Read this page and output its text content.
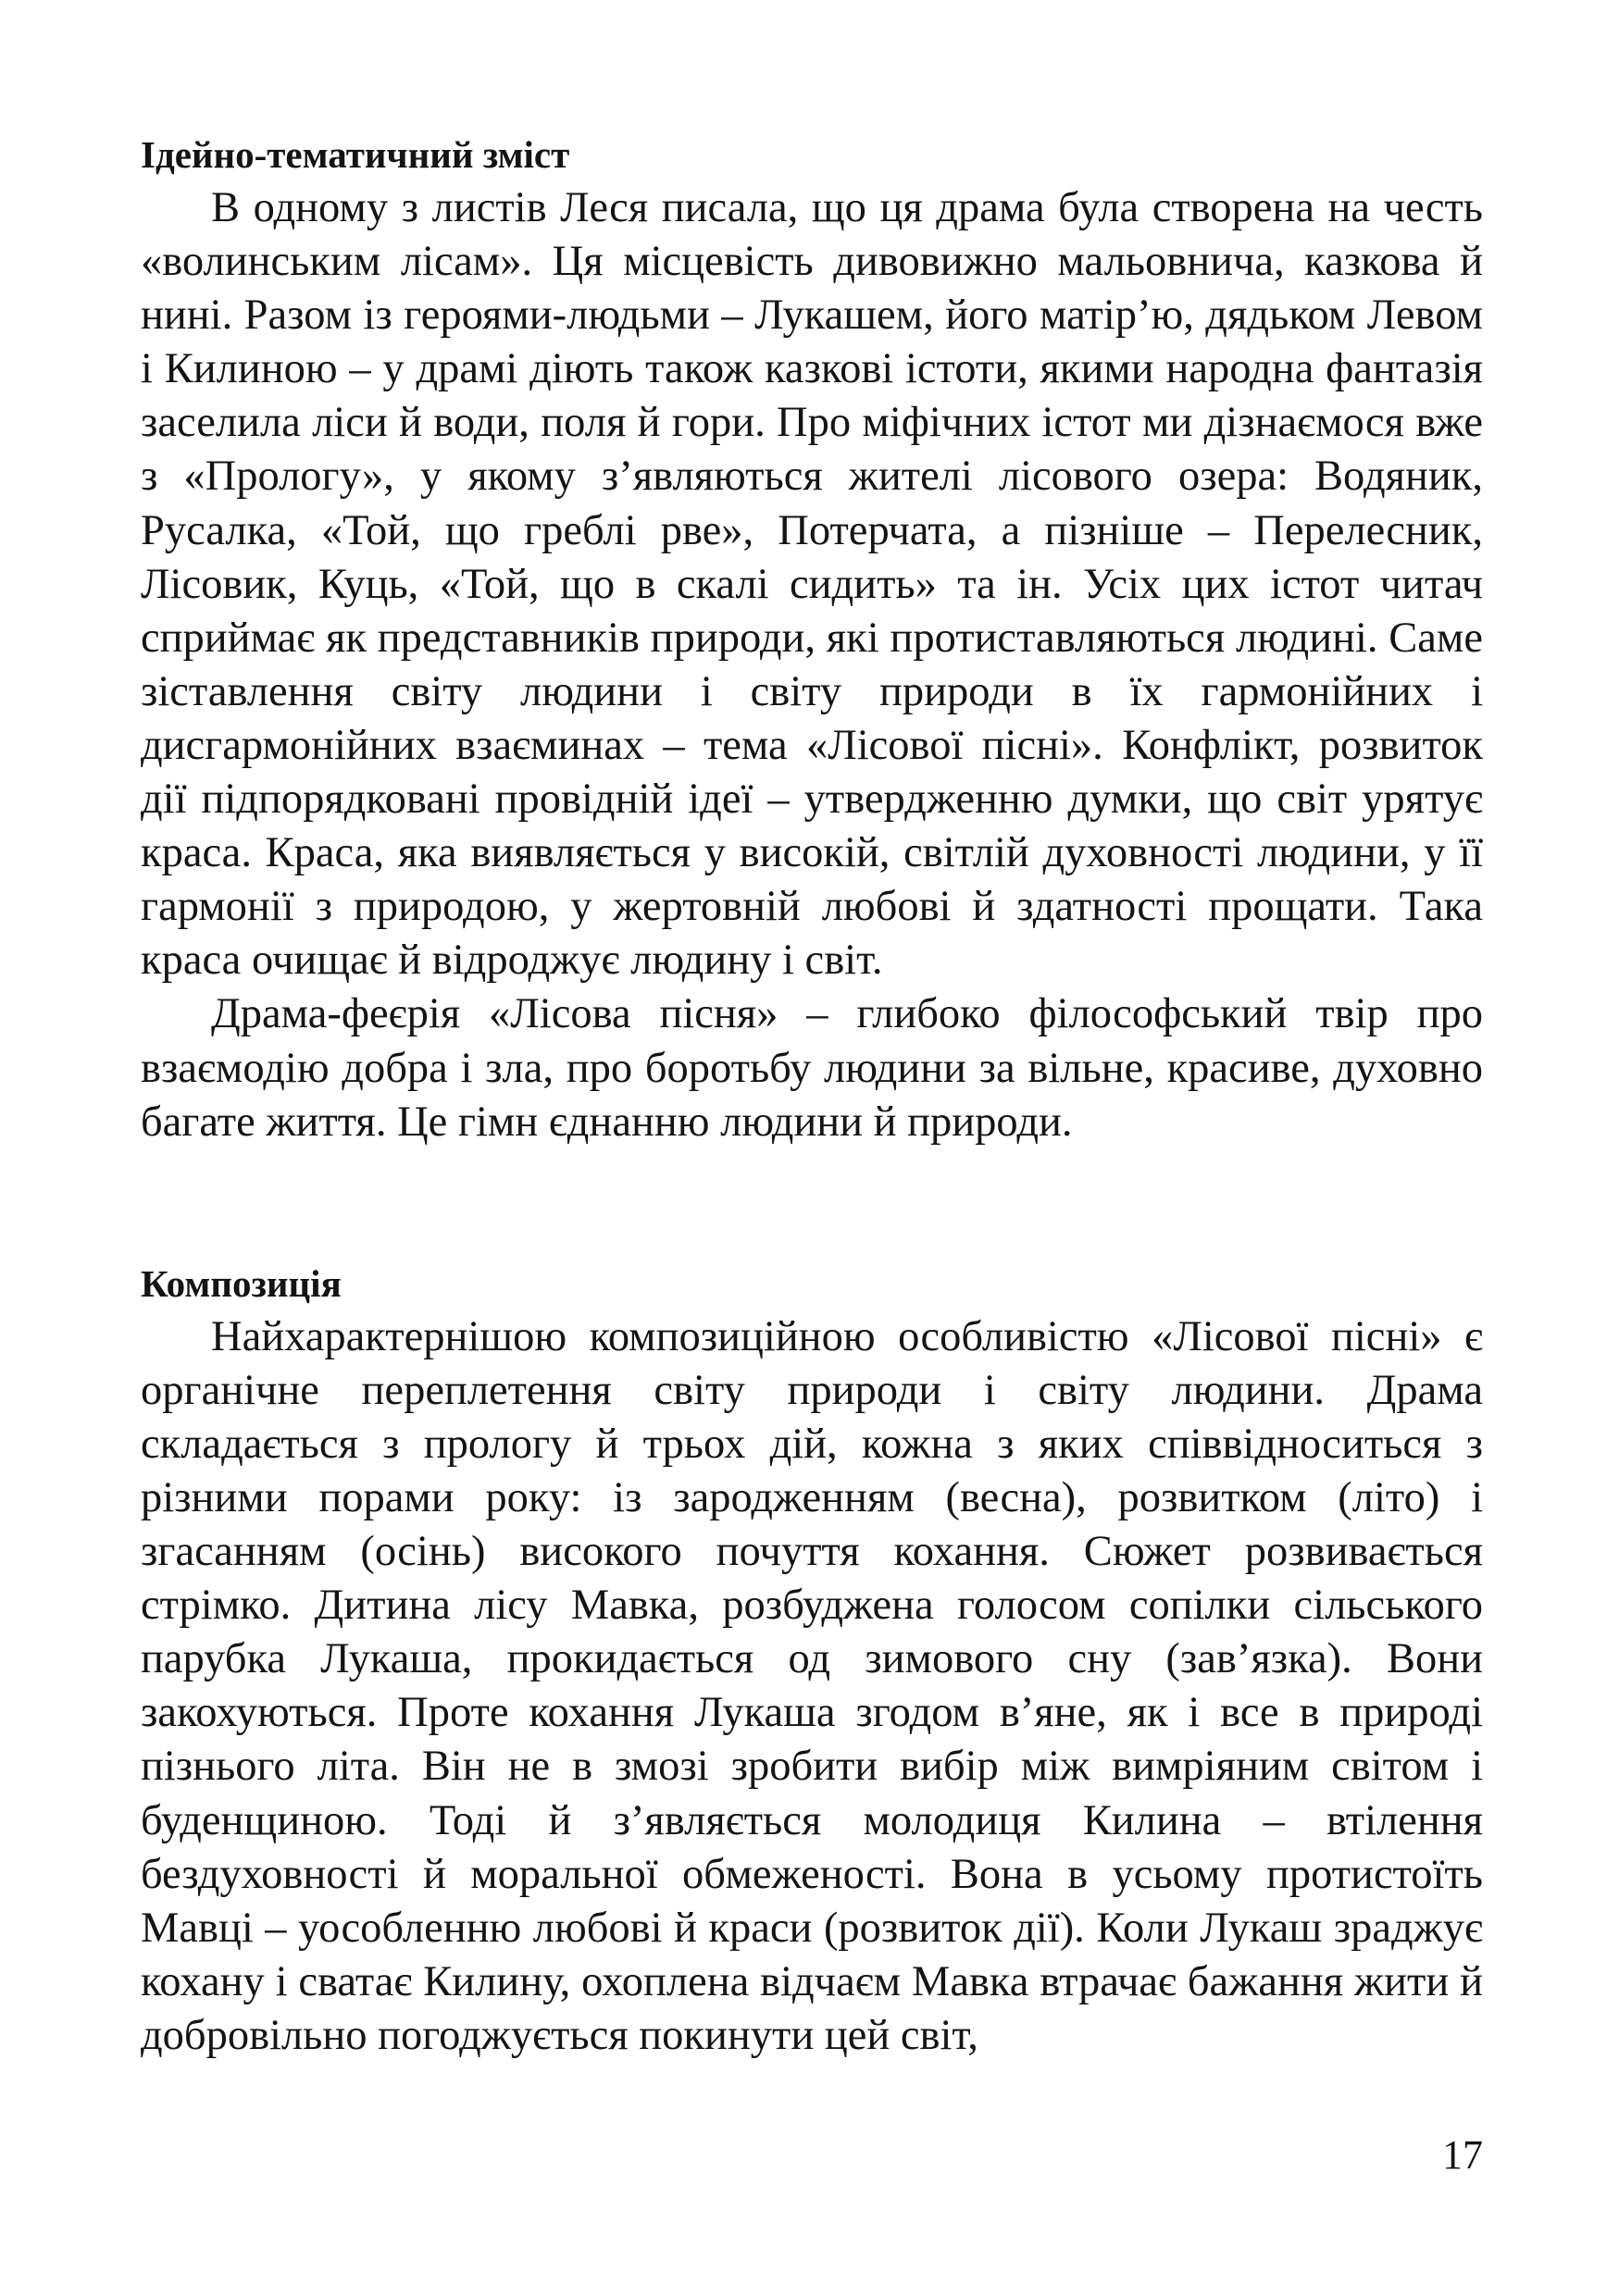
Ідейно-тематичний зміст

В одному з листів Леся писала, що ця драма була створена на честь «волинським лісам». Ця місцевість дивовижно мальовнича, казкова й нині. Разом із героями-людьми – Лукашем, його матір’ю, дядьком Левом і Килиною – у драмі діють також казкові істоти, якими народна фантазія заселила ліси й води, поля й гори. Про міфічних істот ми дізнаємося вже з «Прологу», у якому з’являються жителі лісового озера: Водяник, Русалка, «Той, що греблі рве», Потерчата, а пізніше – Перелесник, Лісовик, Куць, «Той, що в скалі сидить» та ін. Усіх цих істот читач сприймає як представників природи, які протиставляються людині. Саме зіставлення світу людини і світу природи в їх гармонійних і дисгармонійних взаєминах – тема «Лісової пісні». Конфлікт, розвиток дії підпорядковані провідній ідеї – утвердженню думки, що світ урятує краса. Краса, яка виявляється у високій, світлій духовності людини, у її гармонії з природою, у жертовній любові й здатності прощати. Така краса очищає й відроджує людину і світ.

Драма-феєрія «Лісова пісня» – глибоко філософський твір про взаємодію добра і зла, про боротьбу людини за вільне, красиве, духовно багате життя. Це гімн єднанню людини й природи.

Композиція

Найхарактернішою композиційною особливістю «Лісової пісні» є органічне переплетення світу природи і світу людини. Драма складається з прологу й трьох дій, кожна з яких співвідноситься з різними порами року: із зародженням (весна), розвитком (літо) і згасанням (осінь) високого почуття кохання. Сюжет розвивається стрімко. Дитина лісу Мавка, розбуджена голосом сопілки сільського парубка Лукаша, прокидається од зимового сну (зав’язка). Вони закохуються. Проте кохання Лукаша згодом в’яне, як і все в природі пізнього літа. Він не в змозі зробити вибір між вимріяним світом і буденщиною. Тоді й з’являється молодиця Килина – втілення бездуховності й моральної обмеженості. Вона в усьому протистоїть Мавці – уособленню любові й краси (розвиток дії). Коли Лукаш зраджує кохану і сватає Килину, охоплена відчаєм Мавка втрачає бажання жити й добровільно погоджується покинути цей світ,

17
